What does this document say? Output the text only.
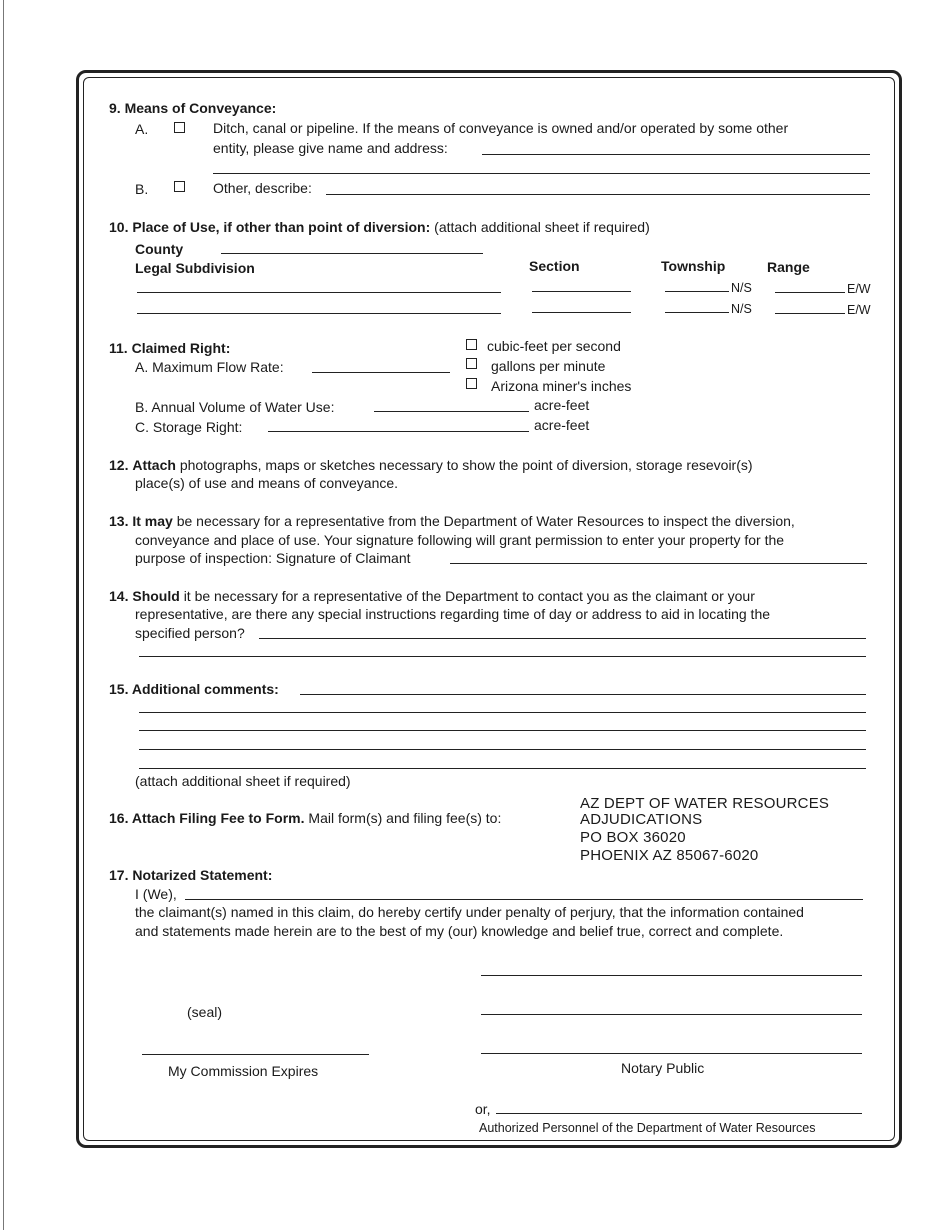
9. Means of Conveyance:
A.	Ditch, canal or pipeline. If the means of conveyance is owned and/or operated by some other
entity, please give name and address:
B.	Other, describe:
10. Place of Use, if other than point of diversion: (attach additional sheet if required)
County
Legal Subdivision	Section	Township	Range
N/S	E/W
N/S	E/W
11. Claimed Right:
A. Maximum Flow Rate:
cubic-feet per second
gallons per minute
Arizona miner's inches
B. Annual Volume of Water Use:	acre-feet
C. Storage Right:	acre-feet
12. Attach photographs, maps or sketches necessary to show the point of diversion, storage resevoir(s)
place(s) of use and means of conveyance.
13. It may be necessary for a representative from the Department of Water Resources to inspect the diversion,
conveyance and place of use. Your signature following will grant permission to enter your property for the
purpose of inspection: Signature of Claimant
14. Should it be necessary for a representative of the Department to contact you as the claimant or your
representative, are there any special instructions regarding time of day or address to aid in locating the
specified person?
15. Additional comments:
(attach additional sheet if required)
16. Attach Filing Fee to Form. Mail form(s) and filing fee(s) to:
AZ DEPT OF WATER RESOURCES
ADJUDICATIONS
PO BOX 36020
PHOENIX AZ 85067-6020
17. Notarized Statement:
I (We),
the claimant(s) named in this claim, do hereby certify under penalty of perjury, that the information contained
and statements made herein are to the best of my (our) knowledge and belief true, correct and complete.
(seal)
My Commission Expires	Notary Public
or,
Authorized Personnel of the Department of Water Resources
